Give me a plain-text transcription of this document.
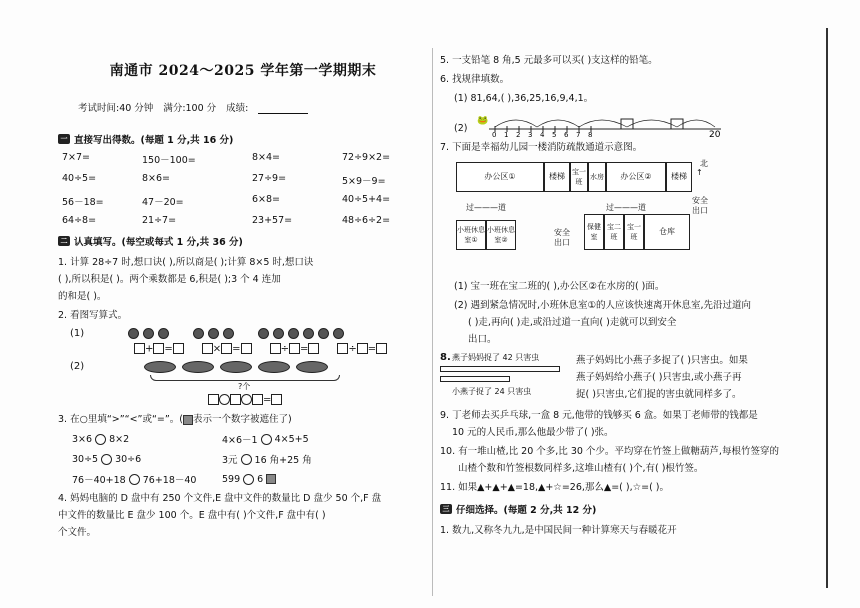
南通市 2024～2025 学年第一学期期末
考试时间:40 分钟 满分:100 分 成绩:
一 直接写出得数。(每题 1 分,共 16 分)
7×7=	150－100=	8×4=	72÷9×2=
40÷5=	8×6=	27÷9=	5×9－9=
56－18=	47－20=	6×8=	40÷5+4=
64÷8=	21÷7=	23+57=	48÷6÷2=
二 认真填写。(每空或每式 1 分,共 36 分)
1. 计算 28÷7 时,想口诀( ),所以商是( );计算 8×5 时,想口诀
( ),所以积是( )。两个乘数都是 6,积是( );3 个 4 连加
的和是( )。
2. 看图写算式。
(1)
+ =	× =	÷ =	÷ =
(2)
?个
=
3. 在○里填“>”“<”或“=”。( 表示一个数字被遮住了)
3×6 8×2	4×6－1 4×5+5
30÷5 30÷6	3元 16 角+25 角
76－40+18 76+18－40	599 6
4. 妈妈电脑的 D 盘中有 250 个文件,E 盘中文件的数量比 D 盘少 50 个,F 盘
中文件的数量比 E 盘少 100 个。E 盘中有( )个文件,F 盘中有( )
个文件。
5. 一支铅笔 8 角,5 元最多可以买( )支这样的铅笔。
6. 找规律填数。
(1) 81,64,( ),36,25,16,9,4,1。
(2)
🐸
0 1 2 3 4 5 6 7 8	20
7. 下面是幸福幼儿园一楼消防疏散通道示意图。
办公区①	楼梯	宝一班
水房	办公区②	楼梯
北
↑
过———道	过———道
安全出口
小班休息室①
小班休息室②
安全出口
保健室
宝二班
宝一班
仓库
(1) 宝一班在宝二班的( ),办公区②在水房的( )面。
(2) 遇到紧急情况时,小班休息室①的人应该快速离开休息室,先沿过道向
( )走,再向( )走,或沿过道一直向( )走就可以到安全
出口。
8. 燕子妈妈捉了 42 只害虫
小燕子捉了 24 只害虫
燕子妈妈比小燕子多捉了( )只害虫。如果
燕子妈妈给小燕子( )只害虫,或小燕子再
捉( )只害虫,它们捉的害虫就同样多了。
9. 丁老师去买乒乓球,一盒 8 元,他带的钱够买 6 盒。如果丁老师带的钱都是
10 元的人民币,那么他最少带了( )张。
10. 有一堆山楂,比 20 个多,比 30 个少。平均穿在竹签上做糖葫芦,每根竹签穿的
山楂个数和竹签根数同样多,这堆山楂有( )个,有( )根竹签。
11. 如果▲+▲+▲=18,▲+☆=26,那么▲=( ),☆=( )。
三 仔细选择。(每题 2 分,共 12 分)
1. 数九,又称冬九九,是中国民间一种计算寒天与春暖花开
